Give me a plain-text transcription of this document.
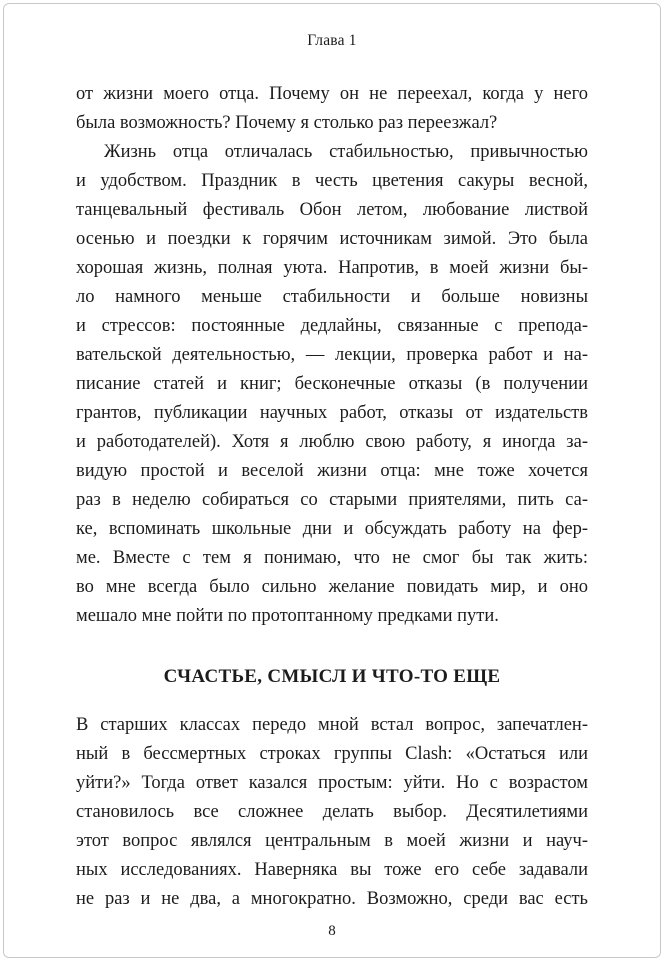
Глава 1

от жизни моего отца. Почему он не переехал, когда у него
была возможность? Почему я столько раз переезжал?

Жизнь отца отличалась стабильностью, привычностью
и удобством. Праздник в честь цветения сакуры весной,
танцевальный фестиваль Обон летом, любование листвой
осенью и поездки к горячим источникам зимой. Это была
хорошая жизнь, полная уюта. Напротив, в моей жизни бы-
ло намного меньше стабильности и больше новизны
и стрессов: постоянные дедлайны, связанные с препода-
вательской деятельностью, — лекции, проверка работ и на-
писание статей и книг; бесконечные отказы (в получении
грантов, публикации научных работ, отказы от издательств
и работодателей). Хотя я люблю свою работу, я иногда за-
видую простой и веселой жизни отца: мне тоже хочется
раз в неделю собираться со старыми приятелями, пить са-
ке, вспоминать школьные дни и обсуждать работу на фер-
ме. Вместе с тем я понимаю, что не смог бы так жить:
во мне всегда было сильно желание повидать мир, и оно
мешало мне пойти по протоптанному предками пути.

СЧАСТЬЕ, СМЫСЛ И ЧТО-ТО ЕЩЕ

В старших классах передо мной встал вопрос, запечатлен-
ный в бессмертных строках группы Clash: «Остаться или
уйти?» Тогда ответ казался простым: уйти. Но с возрастом
становилось все сложнее делать выбор. Десятилетиями
этот вопрос являлся центральным в моей жизни и науч-
ных исследованиях. Наверняка вы тоже его себе задавали
не раз и не два, а многократно. Возможно, среди вас есть

8
